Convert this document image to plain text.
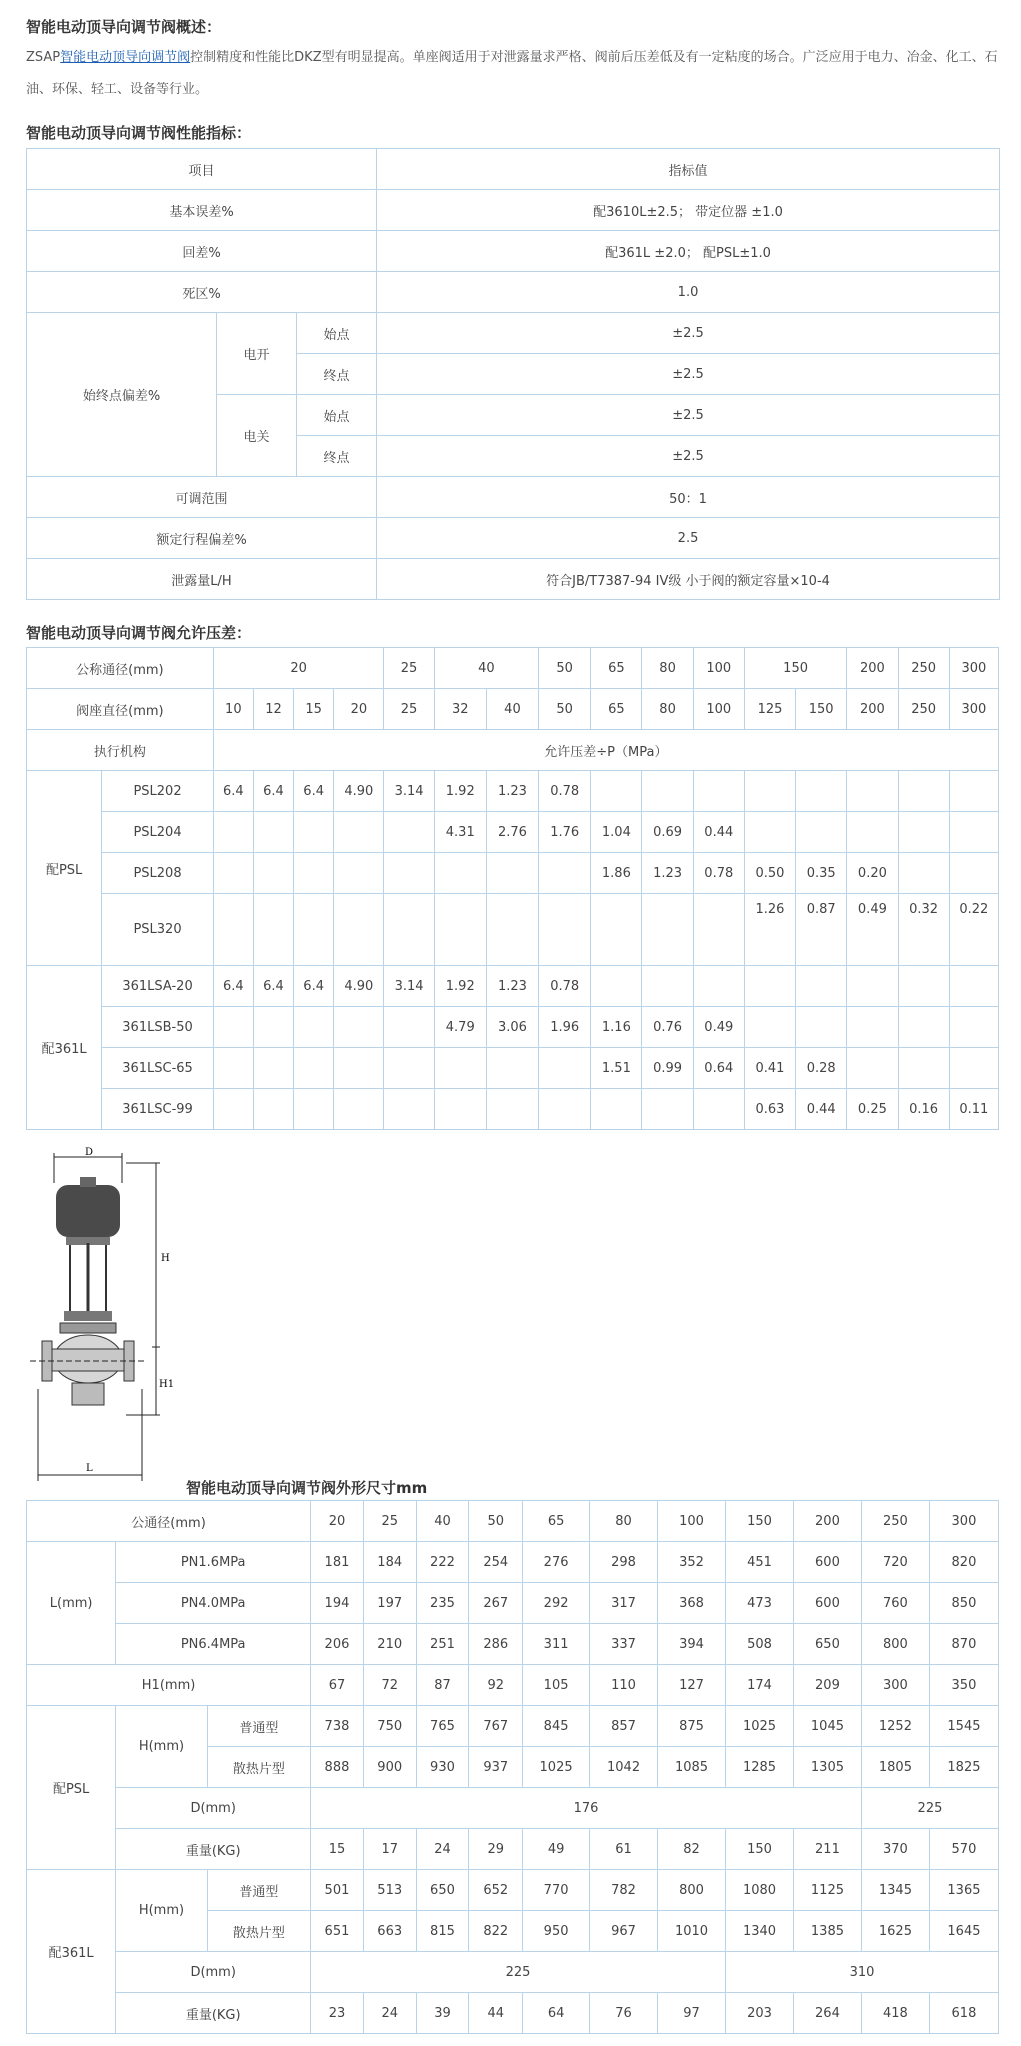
智能电动顶导向调节阀概述：

ZSAP智能电动顶导向调节阀控制精度和性能比DKZ型有明显提高。单座阀适用于对泄露量求严格、阀前后压差低及有一定粘度的场合。广泛应用于电力、冶金、化工、石油、环保、轻工、设备等行业。

智能电动顶导向调节阀性能指标：
项目			指标值
基本误差%			配3610L±2.5； 带定位器 ±1.0
回差%			配361L ±2.0； 配PSL±1.0
死区%			1.0
始终点偏差%	电开	始点	±2.5
		终点	±2.5
	电关	始点	±2.5
		终点	±2.5
可调范围			50：1
额定行程偏差%			2.5
泄露量L/H			符合JB/T7387-94 IV级 小于阀的额定容量×10-4
智能电动顶导向调节阀允许压差：
公称通径(mm)		20				25	40		50	65	80	100	150		200	250	300
阀座直径(mm)		10	12	15	20	25	32	40	50	65	80	100	125	150	200	250	300
执行机构		允许压差÷P（MPa）															
配PSL	PSL202	6.4	6.4	6.4	4.90	3.14	1.92	1.23	0.78								
	PSL204						4.31	2.76	1.76	1.04	0.69	0.44					
	PSL208									1.86	1.23	0.78	0.50	0.35	0.20		
	PSL320												1.26	0.87	0.49	0.32	0.22
配361L	361LSA-20	6.4	6.4	6.4	4.90	3.14	1.92	1.23	0.78								
	361LSB-50						4.79	3.06	1.96	1.16	0.76	0.49					
	361LSC-65									1.51	0.99	0.64	0.41	0.28			
	361LSC-99												0.63	0.44	0.25	0.16	0.11
D
H
H1
L

智能电动顶导向调节阀外形尺寸mm

公通径(mm)			20	25	40	50	65	80	100	150	200	250	300
L(mm)	PN1.6MPa		181	184	222	254	276	298	352	451	600	720	820
	PN4.0MPa		194	197	235	267	292	317	368	473	600	760	850
	PN6.4MPa		206	210	251	286	311	337	394	508	650	800	870
H1(mm)			67	72	87	92	105	110	127	174	209	300	350
配PSL	H(mm)	普通型	738	750	765	767	845	857	875	1025	1045	1252	1545
		散热片型	888	900	930	937	1025	1042	1085	1285	1305	1805	1825
	D(mm)		176									225	
	重量(KG)		15	17	24	29	49	61	82	150	211	370	570
配361L	H(mm)	普通型	501	513	650	652	770	782	800	1080	1125	1345	1365
		散热片型	651	663	815	822	950	967	1010	1340	1385	1625	1645
	D(mm)		225							310			
	重量(KG)		23	24	39	44	64	76	97	203	264	418	618
